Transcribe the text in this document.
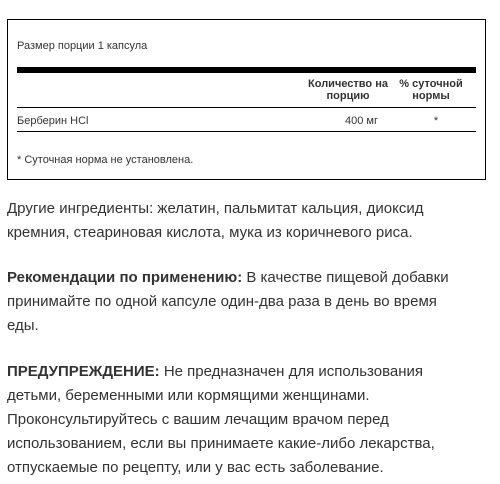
Размер порции 1 капсула
Количество на
порцию
% суточной
нормы
Берберин HCl	400 мг	*
* Суточная норма не установлена.

Другие ингредиенты: желатин, пальмитат кальция, диоксид
кремния, стеариновая кислота, мука из коричневого риса.

Рекомендации по применению: В качестве пищевой добавки
принимайте по одной капсуле один-два раза в день во время
еды.

ПРЕДУПРЕЖДЕНИЕ: Не предназначен для использования
детьми, беременными или кормящими женщинами.
Проконсультируйтесь с вашим лечащим врачом перед
использованием, если вы принимаете какие-либо лекарства,
отпускаемые по рецепту, или у вас есть заболевание.
